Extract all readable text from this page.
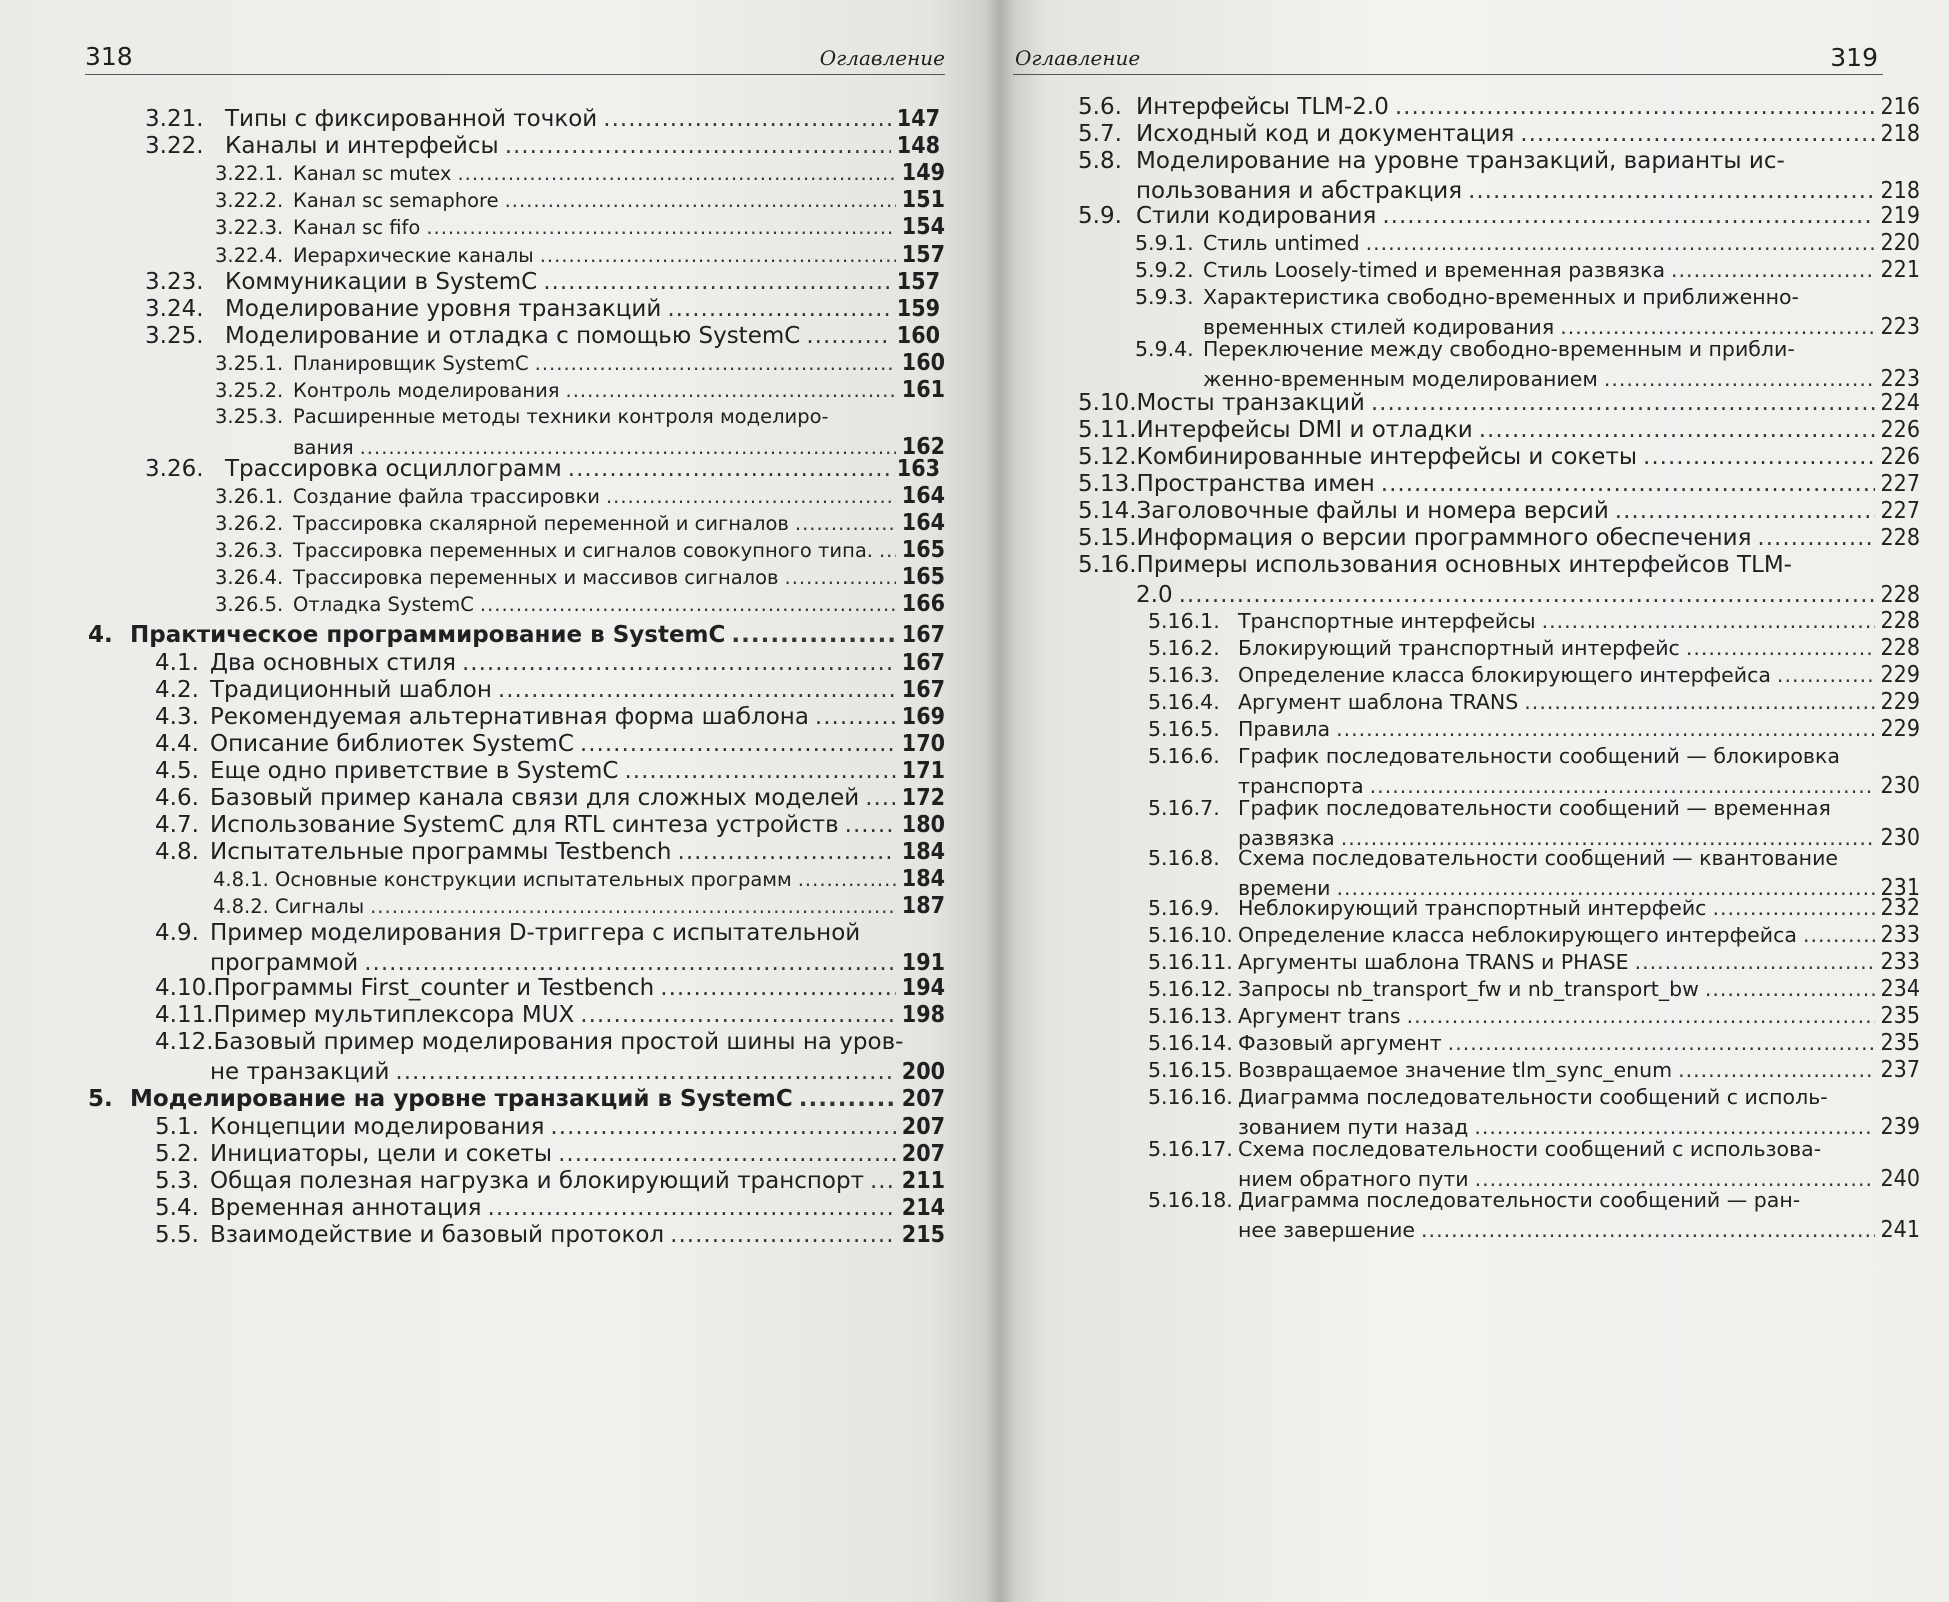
318	Оглавление
3.21. Типы с фиксированной точкой .....	147
3.22. Каналы и интерфейсы .....	148
3.22.1. Канал sc mutex .....	149
3.22.2. Канал sc semaphore .....	151
3.22.3. Канал sc fifo .....	154
3.22.4. Иерархические каналы .....	157
3.23. Коммуникации в SystemC .....	157
3.24. Моделирование уровня транзакций .....	159
3.25. Моделирование и отладка с помощью SystemC .....	160
3.25.1. Планировщик SystemC .....	160
3.25.2. Контроль моделирования .....	161
3.25.3. Расширенные методы техники контроля моделиро-
вания .....	162
3.26. Трассировка осциллограмм .....	163
3.26.1. Создание файла трассировки .....	164
3.26.2. Трассировка скалярной переменной и сигналов .....	164
3.26.3. Трассировка переменных и сигналов совокупного типа. ..... 165
3.26.4. Трассировка переменных и массивов сигналов .....	165
3.26.5. Отладка SystemC .....	166
4. Практическое программирование в SystemC .....	167
4.1. Два основных стиля .....	167
4.2. Традиционный шаблон .....	167
4.3. Рекомендуемая альтернативная форма шаблона .....	169
4.4. Описание библиотек SystemC .....	170
4.5. Еще одно приветствие в SystemC .....	171
4.6. Базовый пример канала связи для сложных моделей ..... 172
4.7. Использование SystemC для RTL синтеза устройств .....	180
4.8. Испытательные программы Testbench .....	184
4.8.1. Основные конструкции испытательных программ .....	184
4.8.2. Сигналы .....	187
4.9. Пример моделирования D-триггера с испытательной
программой .....	191
4.10. Программы First_counter и Testbench .....	194
4.11. Пример мультиплексора MUX .....	198
4.12. Базовый пример моделирования простой шины на уров-
не транзакций .....	200
5. Моделирование на уровне транзакций в SystemC .....	207
5.1. Концепции моделирования .....	207
5.2. Инициаторы, цели и сокеты .....	207
5.3. Общая полезная нагрузка и блокирующий транспорт ..... 211
5.4. Временная аннотация .....	214
5.5. Взаимодействие и базовый протокол .....	215
Оглавление	319
5.6. Интерфейсы TLM-2.0 .....	216
5.7. Исходный код и документация .....	218
5.8. Моделирование на уровне транзакций, варианты ис-
пользования и абстракция .....	218
5.9. Стили кодирования .....	219
5.9.1. Стиль untimed .....	220
5.9.2. Стиль Loosely-timed и временная развязка .....	221
5.9.3. Характеристика свободно-временных и приближенно-
временных стилей кодирования .....	223
5.9.4. Переключение между свободно-временным и прибли-
женно-временным моделированием .....	223
5.10. Мосты транзакций .....	224
5.11. Интерфейсы DMI и отладки .....	226
5.12. Комбинированные интерфейсы и сокеты .....	226
5.13. Пространства имен .....	227
5.14. Заголовочные файлы и номера версий .....	227
5.15. Информация о версии программного обеспечения .....	228
5.16. Примеры использования основных интерфейсов TLM-
2.0 .....	228
5.16.1. Транспортные интерфейсы .....	228
5.16.2. Блокирующий транспортный интерфейс .....	228
5.16.3. Определение класса блокирующего интерфейса .....	229
5.16.4. Аргумент шаблона TRANS .....	229
5.16.5. Правила .....	229
5.16.6. График последовательности сообщений — блокировка
транспорта .....	230
5.16.7. График последовательности сообщений — временная
развязка .....	230
5.16.8. Схема последовательности сообщений — квантование
времени .....	231
5.16.9. Неблокирующий транспортный интерфейс .....	232
5.16.10. Определение класса неблокирующего интерфейса .....	233
5.16.11. Аргументы шаблона TRANS и PHASE .....	233
5.16.12. Запросы nb_transport_fw и nb_transport_bw .....	234
5.16.13. Аргумент trans .....	235
5.16.14. Фазовый аргумент .....	235
5.16.15. Возвращаемое значение tlm_sync_enum .....	237
5.16.16. Диаграмма последовательности сообщений с исполь-
зованием пути назад .....	239
5.16.17. Схема последовательности сообщений с использова-
нием обратного пути .....	240
5.16.18. Диаграмма последовательности сообщений — ран-
нее завершение .....	241
